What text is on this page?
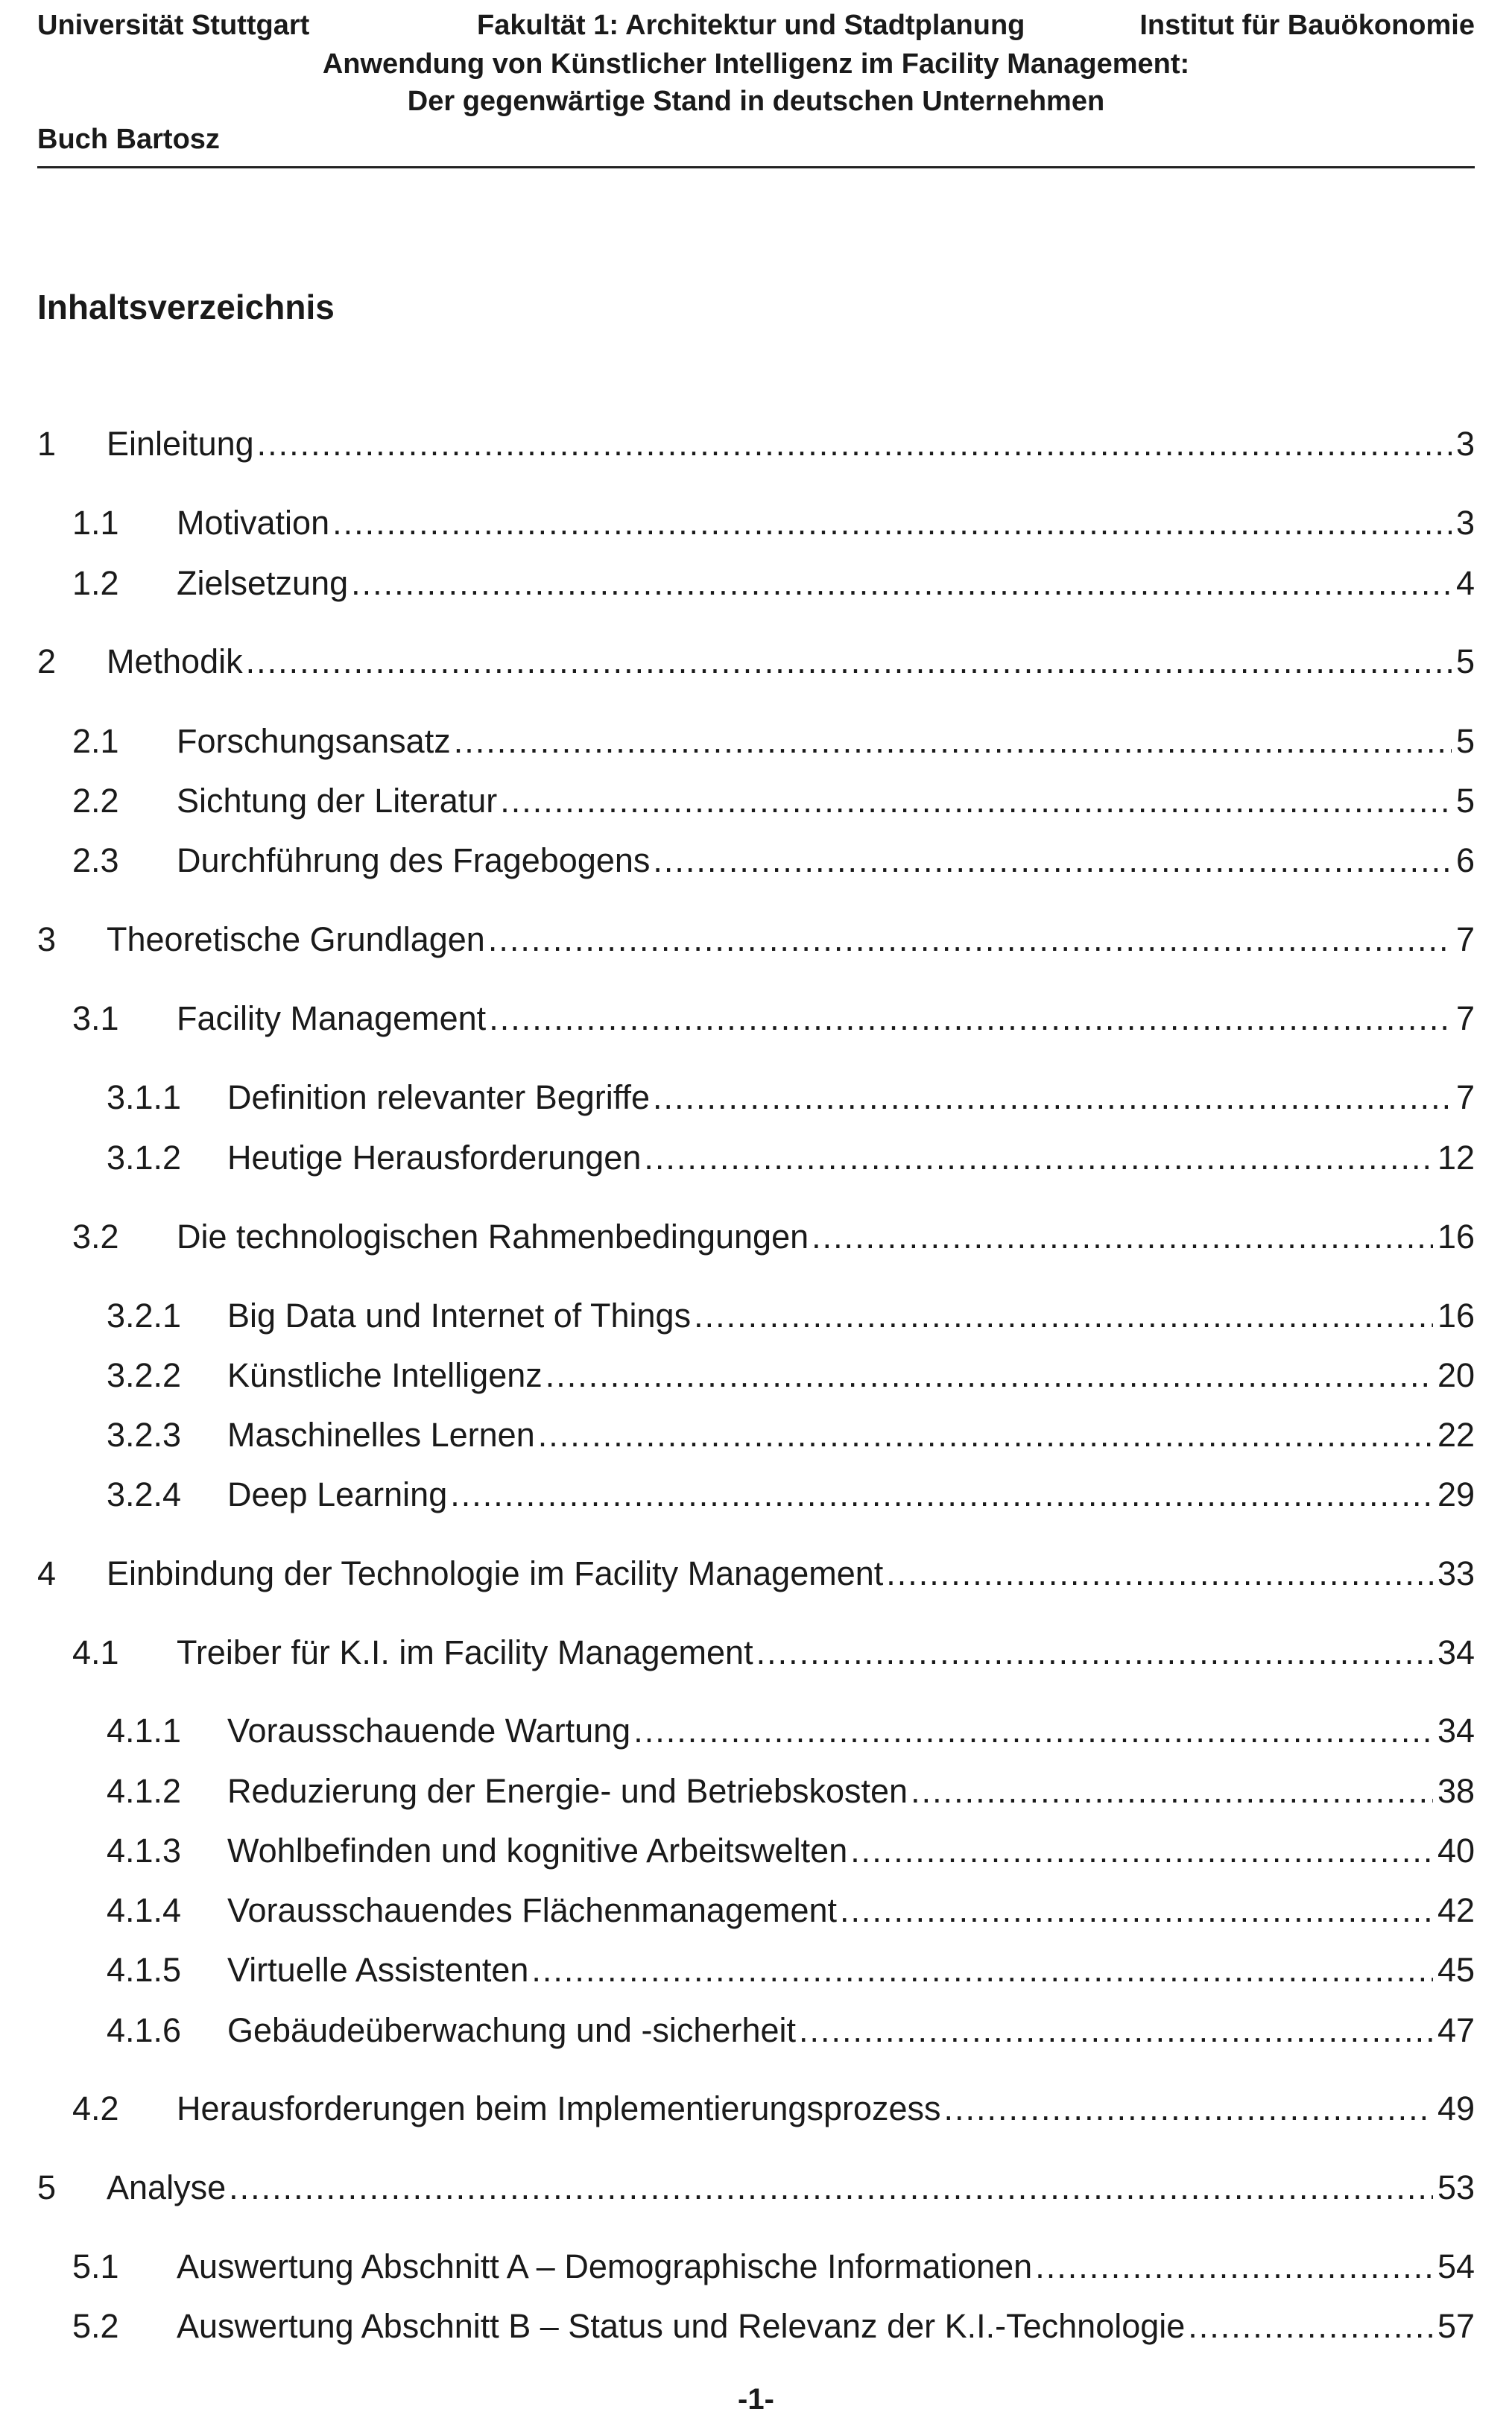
Universität Stuttgart	Fakultät 1: Architektur und Stadtplanung	Institut für Bauökonomie
Anwendung von Künstlicher Intelligenz im Facility Management:
Der gegenwärtige Stand in deutschen Unternehmen
Buch Bartosz
Inhaltsverzeichnis
1 Einleitung .....	3
1.1 Motivation .....	3
1.2 Zielsetzung .....	4
2 Methodik .....	5
2.1 Forschungsansatz .....	5
2.2 Sichtung der Literatur .....	5
2.3 Durchführung des Fragebogens .....	6
3 Theoretische Grundlagen .....	7
3.1 Facility Management .....	7
3.1.1 Definition relevanter Begriffe .....	7
3.1.2 Heutige Herausforderungen .....	12
3.2 Die technologischen Rahmenbedingungen .....	16
3.2.1 Big Data und Internet of Things .....	16
3.2.2 Künstliche Intelligenz .....	20
3.2.3 Maschinelles Lernen .....	22
3.2.4 Deep Learning .....	29
4 Einbindung der Technologie im Facility Management .....	33
4.1 Treiber für K.I. im Facility Management .....	34
4.1.1 Vorausschauende Wartung .....	34
4.1.2 Reduzierung der Energie- und Betriebskosten .....	38
4.1.3 Wohlbefinden und kognitive Arbeitswelten .....	40
4.1.4 Vorausschauendes Flächenmanagement .....	42
4.1.5 Virtuelle Assistenten .....	45
4.1.6 Gebäudeüberwachung und -sicherheit .....	47
4.2 Herausforderungen beim Implementierungsprozess .....	49
5 Analyse .....	53
5.1 Auswertung Abschnitt A – Demographische Informationen .....	54
5.2 Auswertung Abschnitt B – Status und Relevanz der K.I.-Technologie .....	57
-1-
